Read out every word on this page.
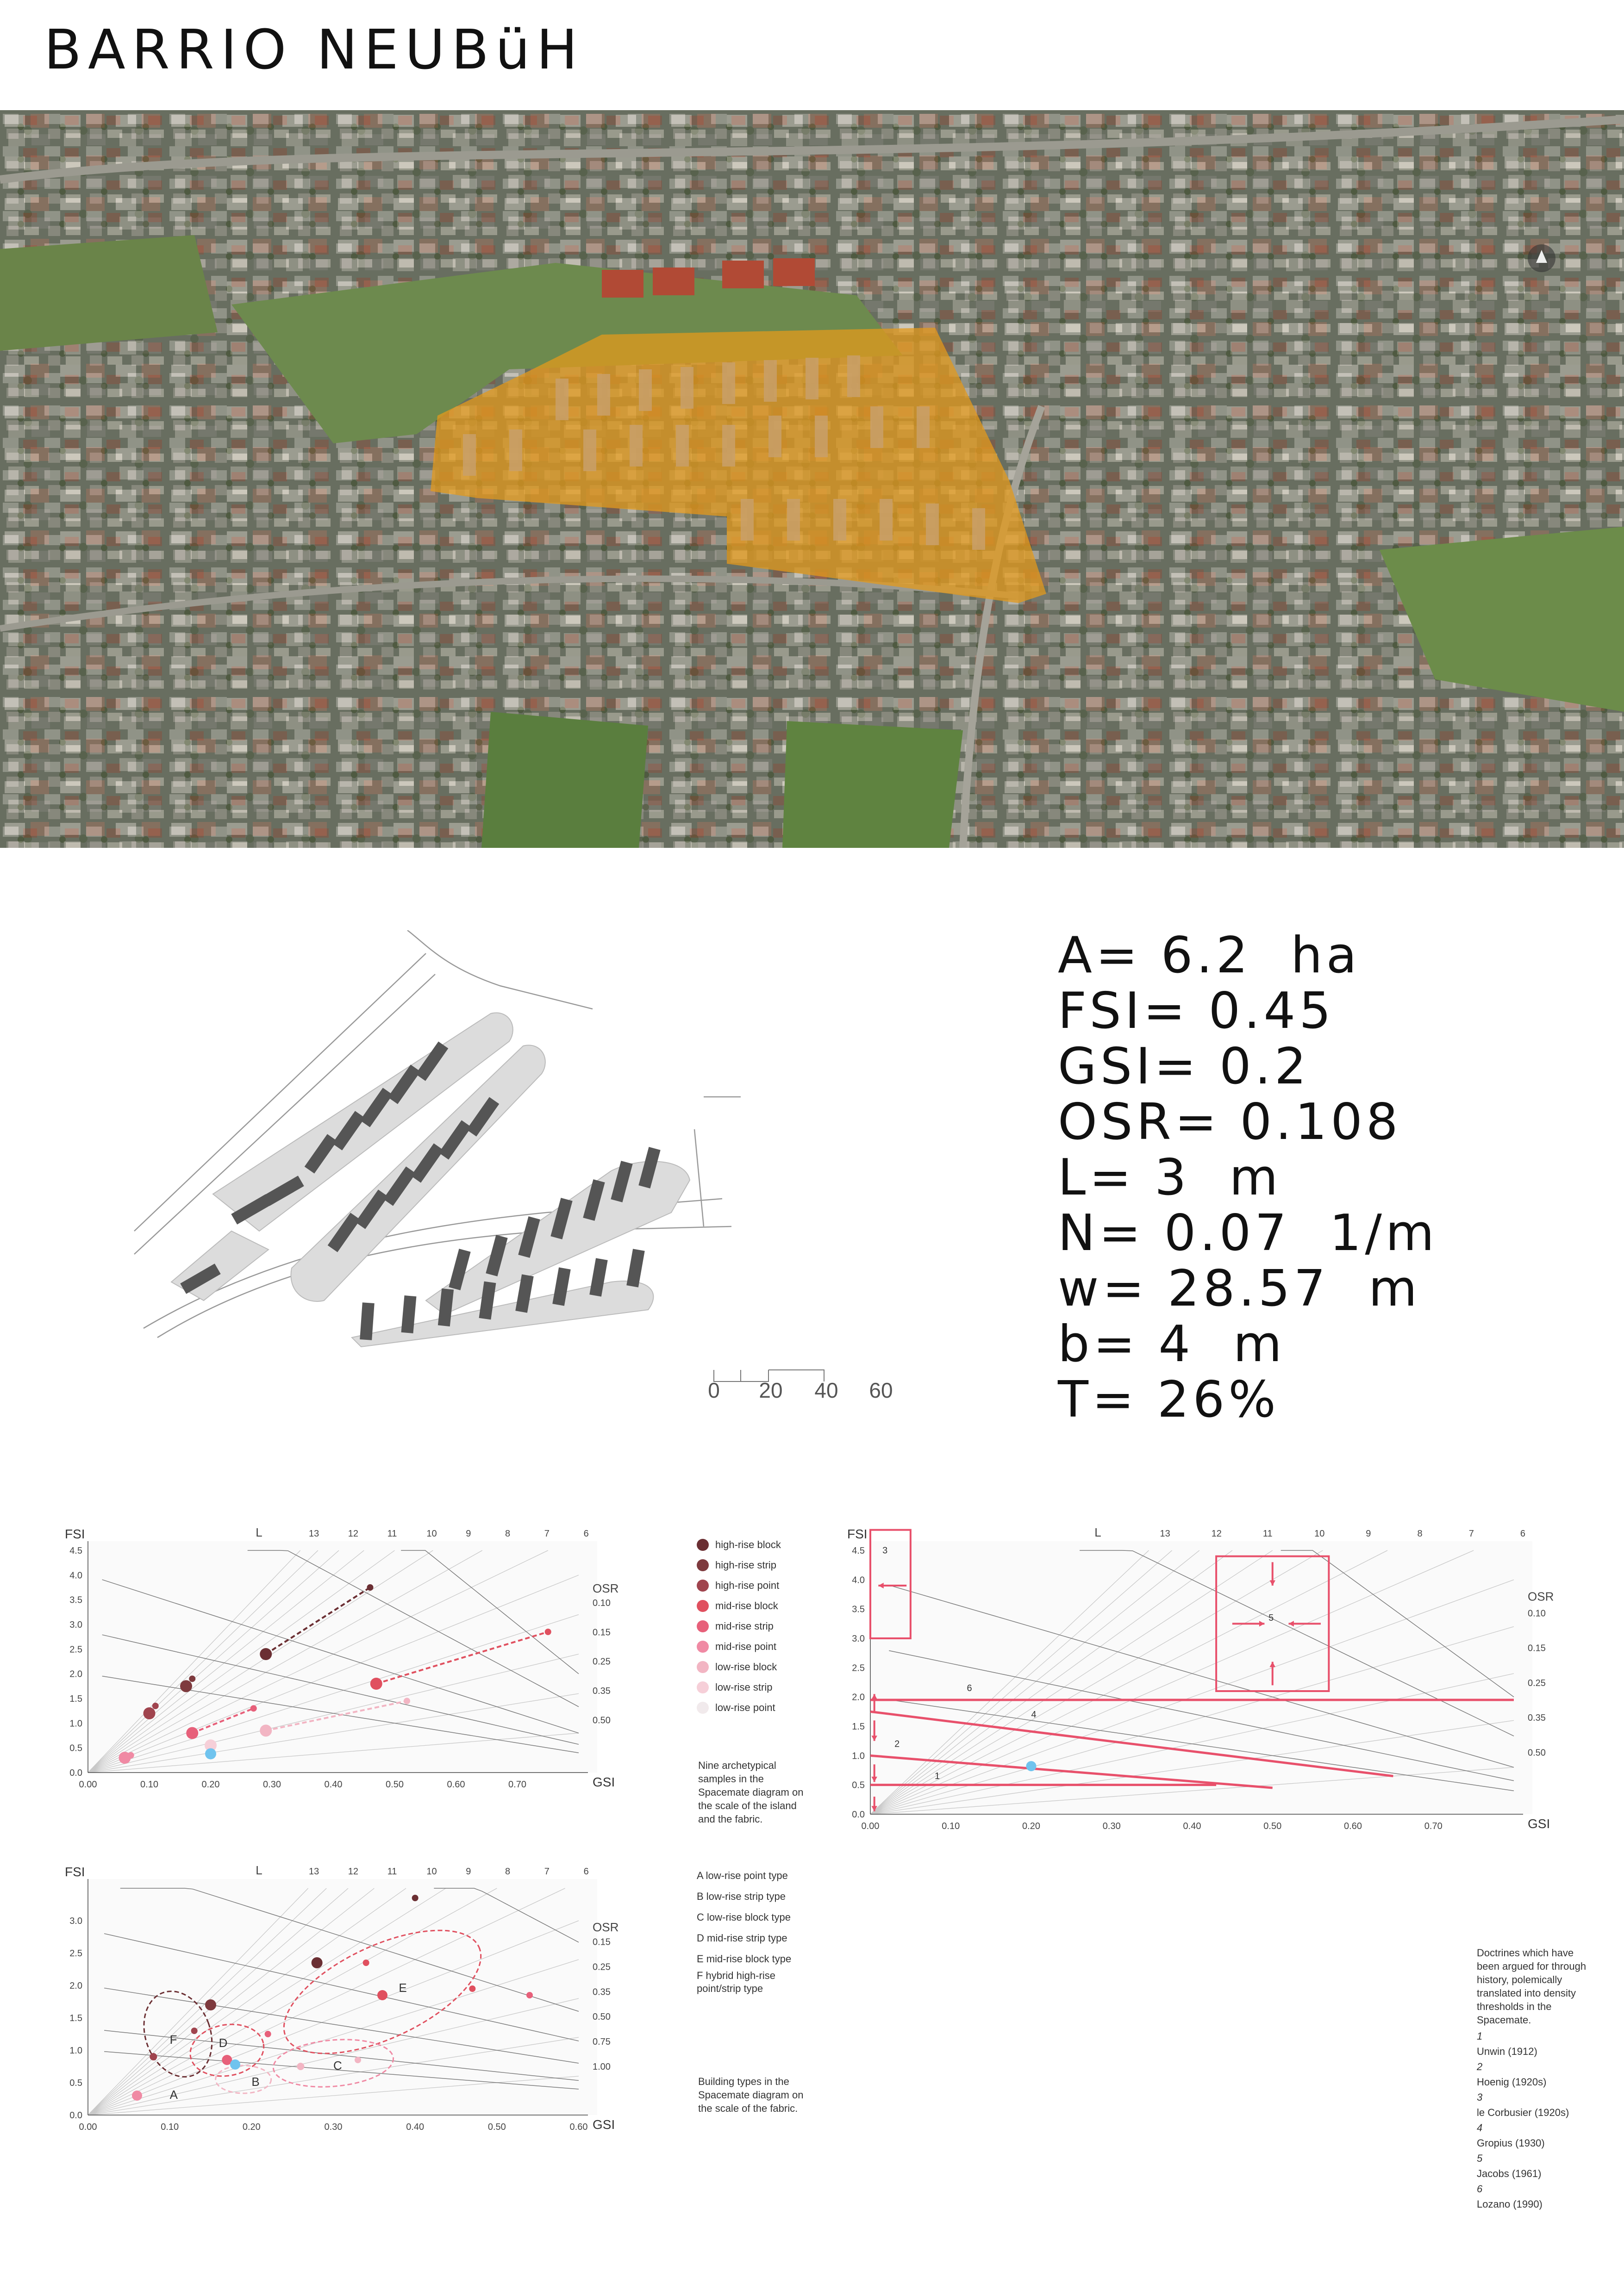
BARRIO NEUBüH
0 20 40 60
A= 6.2 ha
FSI= 0.45
GSI= 0.2
OSR= 0.108
L= 3 m
N= 0.07 1/m
w= 28.57 m
b= 4 m
T= 26%
0.00	0.10	0.20	0.30	0.40	0.50	0.60	0.70
0.0
0.5
1.0
1.5
2.0
2.5
3.0
3.5
4.0
4.5
FSI
GSI
L	13	12	11	10	9	8	7	6
OSR
0.10
0.15
0.25
0.35
0.50
0.00	0.10	0.20	0.30	0.40	0.50	0.60
0.0
0.5
1.0
1.5
2.0
2.5
3.0
FSI
GSI
L	13	12	11	10	9	8	7	6
OSR
0.15
0.25
0.35
0.50
0.75
1.00
A
B
C
D
E
F
0.00	0.10	0.20	0.30	0.40	0.50	0.60	0.70
0.0
0.5
1.0
1.5
2.0
2.5
3.0
3.5
4.0
4.5
FSI
GSI
L	13	12	11	10	9	8	7	6
OSR
0.10
0.15
0.25
0.35
0.50
1
2
4
6
3
5
high-rise block
high-rise strip
high-rise point
mid-rise block
mid-rise strip
mid-rise point
low-rise block
low-rise strip
low-rise point
Nine archetypical samples in the Spacemate diagram on the scale of the island and the fabric.
A low-rise point type
B low-rise strip type
C low-rise block type
D mid-rise strip type
E mid-rise block type
F hybrid high-rise point/strip type
Building types in the Spacemate diagram on the scale of the fabric.
Doctrines which have been argued for through history, polemically translated into density thresholds in the Spacemate.
1
Unwin (1912)
2
Hoenig (1920s)
3
le Corbusier (1920s)
4
Gropius (1930)
5
Jacobs (1961)
6
Lozano (1990)
